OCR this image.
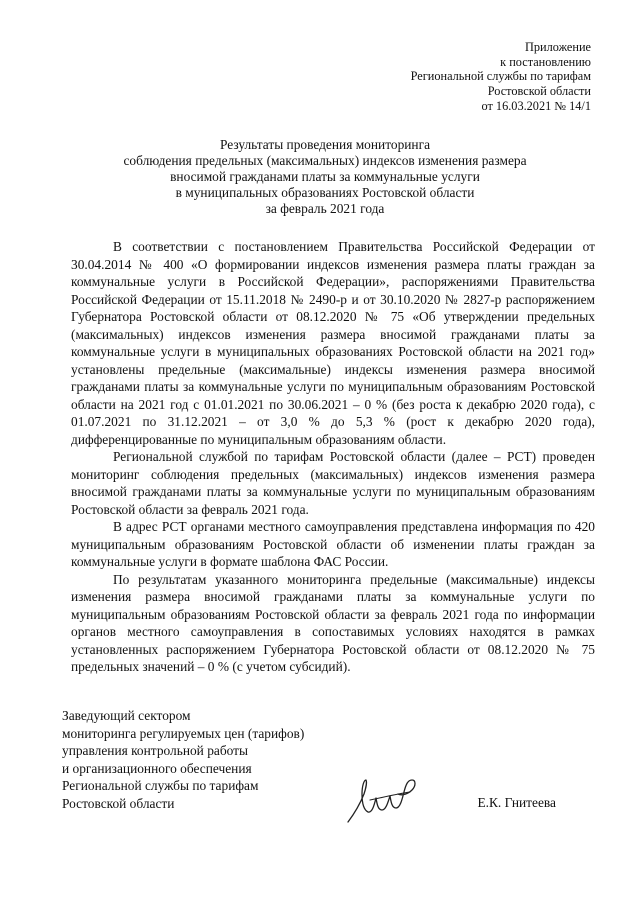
Приложение
к постановлению
Региональной службы по тарифам
Ростовской области
от 16.03.2021 № 14/1
Результаты проведения мониторинга
соблюдения предельных (максимальных) индексов изменения размера
вносимой гражданами платы за коммунальные услуги
в муниципальных образованиях Ростовской области
за февраль 2021 года

В соответствии с постановлением Правительства Российской Федерации от 30.04.2014 № 400 «О формировании индексов изменения размера платы граждан за коммунальные услуги в Российской Федерации», распоряжениями Правительства Российской Федерации от 15.11.2018 № 2490-р и от 30.10.2020 № 2827-р распоряжением Губернатора Ростовской области от 08.12.2020 № 75 «Об утверждении предельных (максимальных) индексов изменения размера вносимой гражданами платы за коммунальные услуги в муниципальных образованиях Ростовской области на 2021 год» установлены предельные (максимальные) индексы изменения размера вносимой гражданами платы за коммунальные услуги по муниципальным образованиям Ростовской области на 2021 год с 01.01.2021 по 30.06.2021 – 0 % (без роста к декабрю 2020 года), с 01.07.2021 по 31.12.2021 – от 3,0 % до 5,3 % (рост к декабрю 2020 года), дифференцированные по муниципальным образованиям области.

Региональной службой по тарифам Ростовской области (далее – РСТ) проведен мониторинг соблюдения предельных (максимальных) индексов изменения размера вносимой гражданами платы за коммунальные услуги по муниципальным образованиям Ростовской области за февраль 2021 года.

В адрес РСТ органами местного самоуправления представлена информация по 420 муниципальным образованиям Ростовской области об изменении платы граждан за коммунальные услуги в формате шаблона ФАС России.

По результатам указанного мониторинга предельные (максимальные) индексы изменения размера вносимой гражданами платы за коммунальные услуги по муниципальным образованиям Ростовской области за февраль 2021 года по информации органов местного самоуправления в сопоставимых условиях находятся в рамках установленных распоряжением Губернатора Ростовской области от 08.12.2020 № 75 предельных значений – 0 % (с учетом субсидий).

Заведующий сектором
мониторинга регулируемых цен (тарифов)
управления контрольной работы
и организационного обеспечения
Региональной службы по тарифам
Ростовской области	Е.К. Гнитеева
